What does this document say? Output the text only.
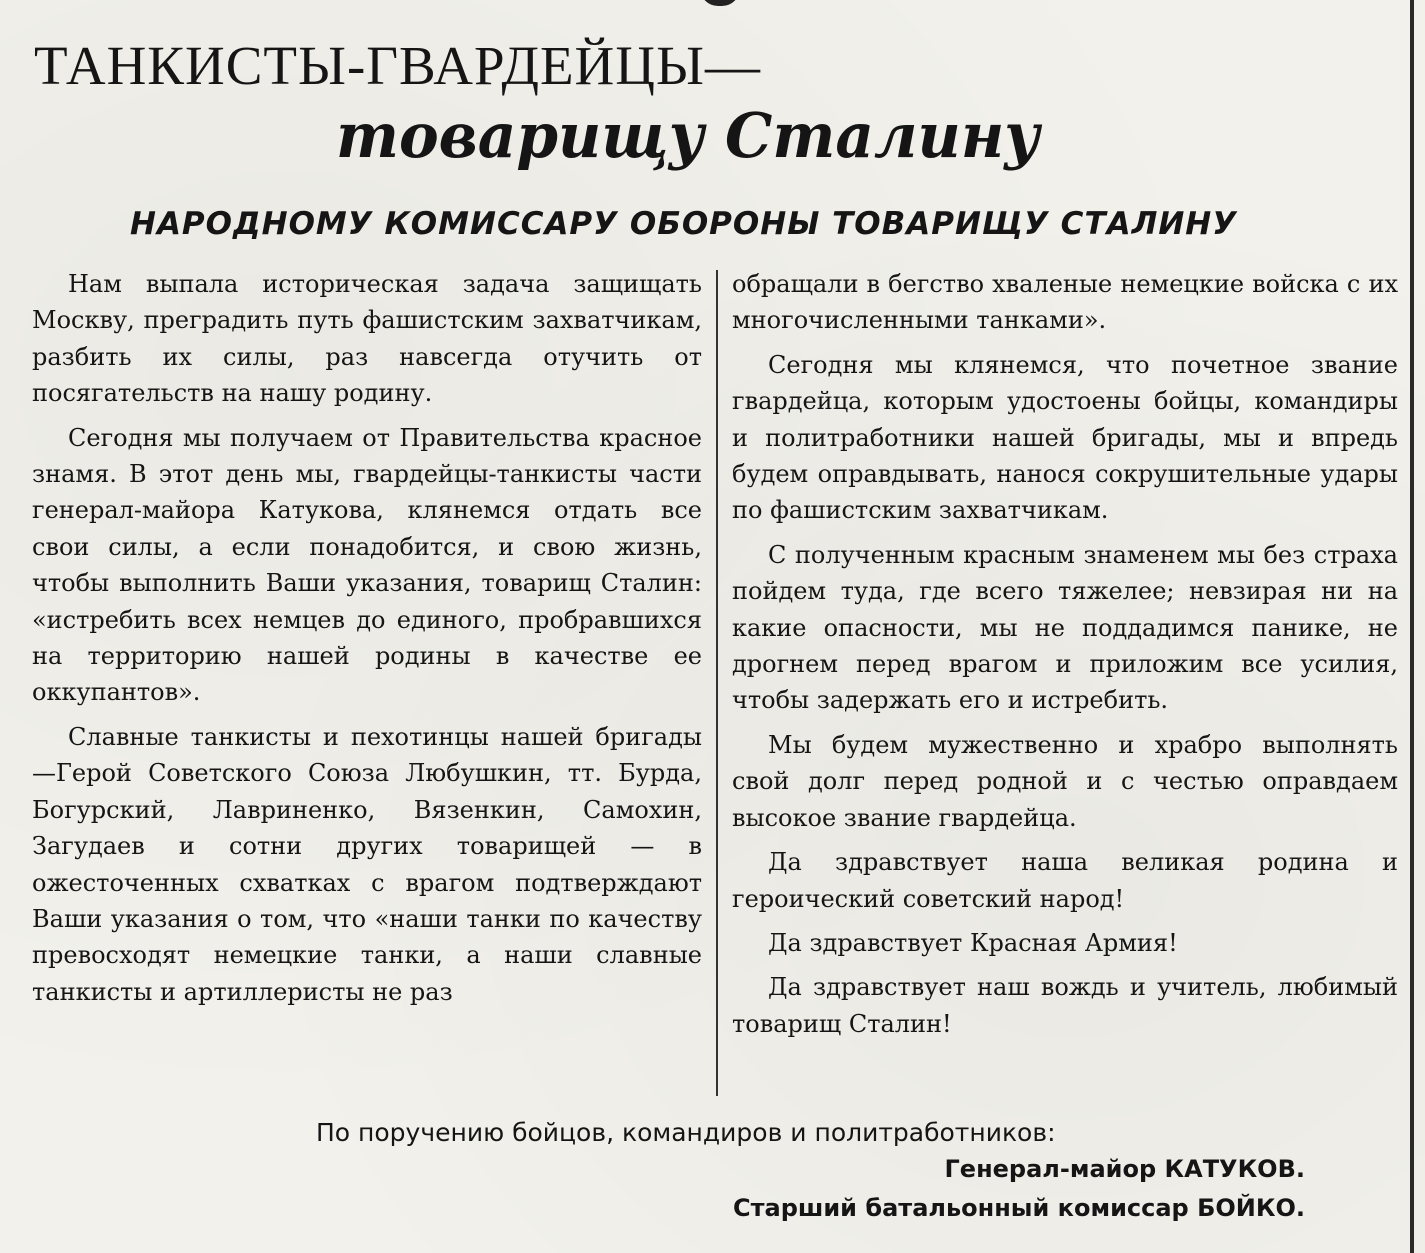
ТАНКИСТЫ-ГВАРДЕЙЦЫ—
товарищу Сталину
НАРОДНОМУ КОМИССАРУ ОБОРОНЫ ТОВАРИЩУ СТАЛИНУ

Нам выпала историческая задача защищать Москву, преградить путь фашистским захватчикам, разбить их силы, раз навсегда отучить от посягательств на нашу родину.

Сегодня мы получаем от Правительства красное знамя. В этот день мы, гвардейцы-танкисты части генерал-майора Катукова, клянемся отдать все свои силы, а если понадобится, и свою жизнь, чтобы выполнить Ваши указания, товарищ Сталин: «истребить всех немцев до единого, пробравшихся на территорию нашей родины в качестве ее оккупантов».

Славные танкисты и пехотинцы нашей бригады—Герой Советского Союза Любушкин, тт. Бурда, Богурский, Лавриненко, Вязенкин, Самохин, Загудаев и сотни других товарищей — в ожесточенных схватках с врагом подтверждают Ваши указания о том, что «наши танки по качеству превосходят немецкие танки, а наши славные танкисты и артиллеристы не раз

обращали в бегство хваленые немецкие войска с их многочисленными танками».

Сегодня мы клянемся, что почетное звание гвардейца, которым удостоены бойцы, командиры и политработники нашей бригады, мы и впредь будем оправдывать, нанося сокрушительные удары по фашистским захватчикам.

С полученным красным знаменем мы без страха пойдем туда, где всего тяжелее; невзирая ни на какие опасности, мы не поддадимся панике, не дрогнем перед врагом и приложим все усилия, чтобы задержать его и истребить.

Мы будем мужественно и храбро выполнять свой долг перед родной и с честью оправдаем высокое звание гвардейца.

Да здравствует наша великая родина и героический советский народ!

Да здравствует Красная Армия!

Да здравствует наш вождь и учитель, любимый товарищ Сталин!

По поручению бойцов, командиров и политработников:

Генерал-майор КАТУКОВ.

Старший батальонный комиссар БОЙКО.
